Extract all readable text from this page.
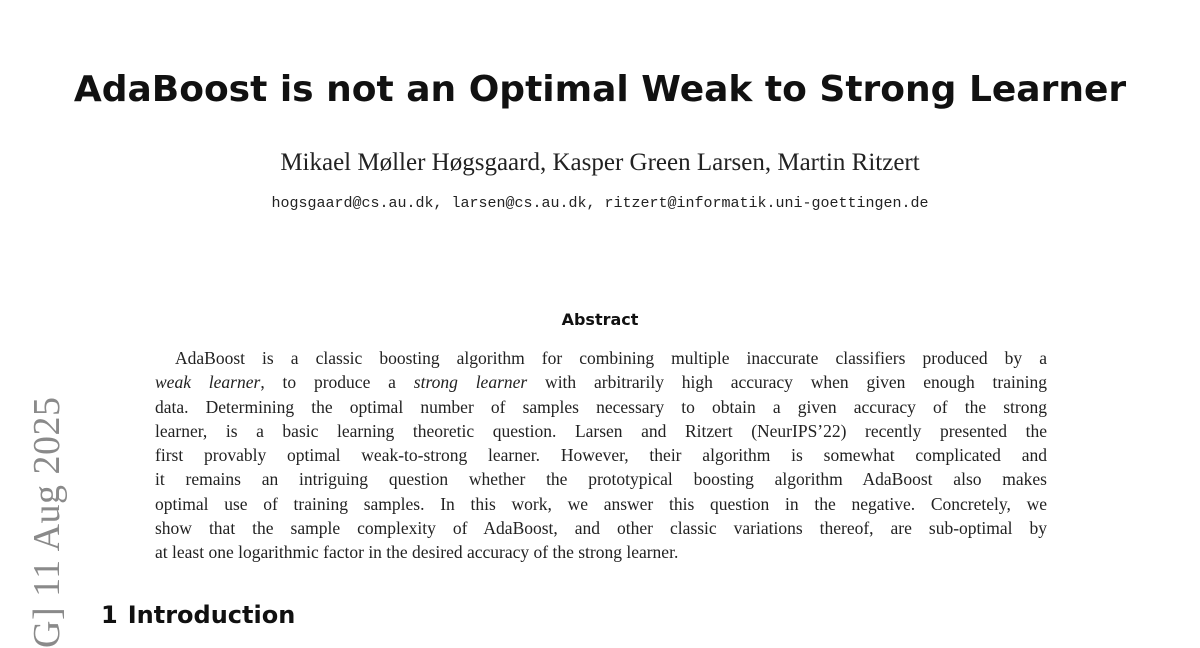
G] 11 Aug 2025
AdaBoost is not an Optimal Weak to Strong Learner
Mikael Møller Høgsgaard, Kasper Green Larsen, Martin Ritzert
hogsgaard@cs.au.dk, larsen@cs.au.dk, ritzert@informatik.uni-goettingen.de
Abstract
AdaBoost is a classic boosting algorithm for combining multiple inaccurate classifiers produced by a
weak learner, to produce a strong learner with arbitrarily high accuracy when given enough training
data. Determining the optimal number of samples necessary to obtain a given accuracy of the strong
learner, is a basic learning theoretic question. Larsen and Ritzert (NeurIPS’22) recently presented the
first provably optimal weak-to-strong learner. However, their algorithm is somewhat complicated and
it remains an intriguing question whether the prototypical boosting algorithm AdaBoost also makes
optimal use of training samples. In this work, we answer this question in the negative. Concretely, we
show that the sample complexity of AdaBoost, and other classic variations thereof, are sub-optimal by
at least one logarithmic factor in the desired accuracy of the strong learner.
1 Introduction
